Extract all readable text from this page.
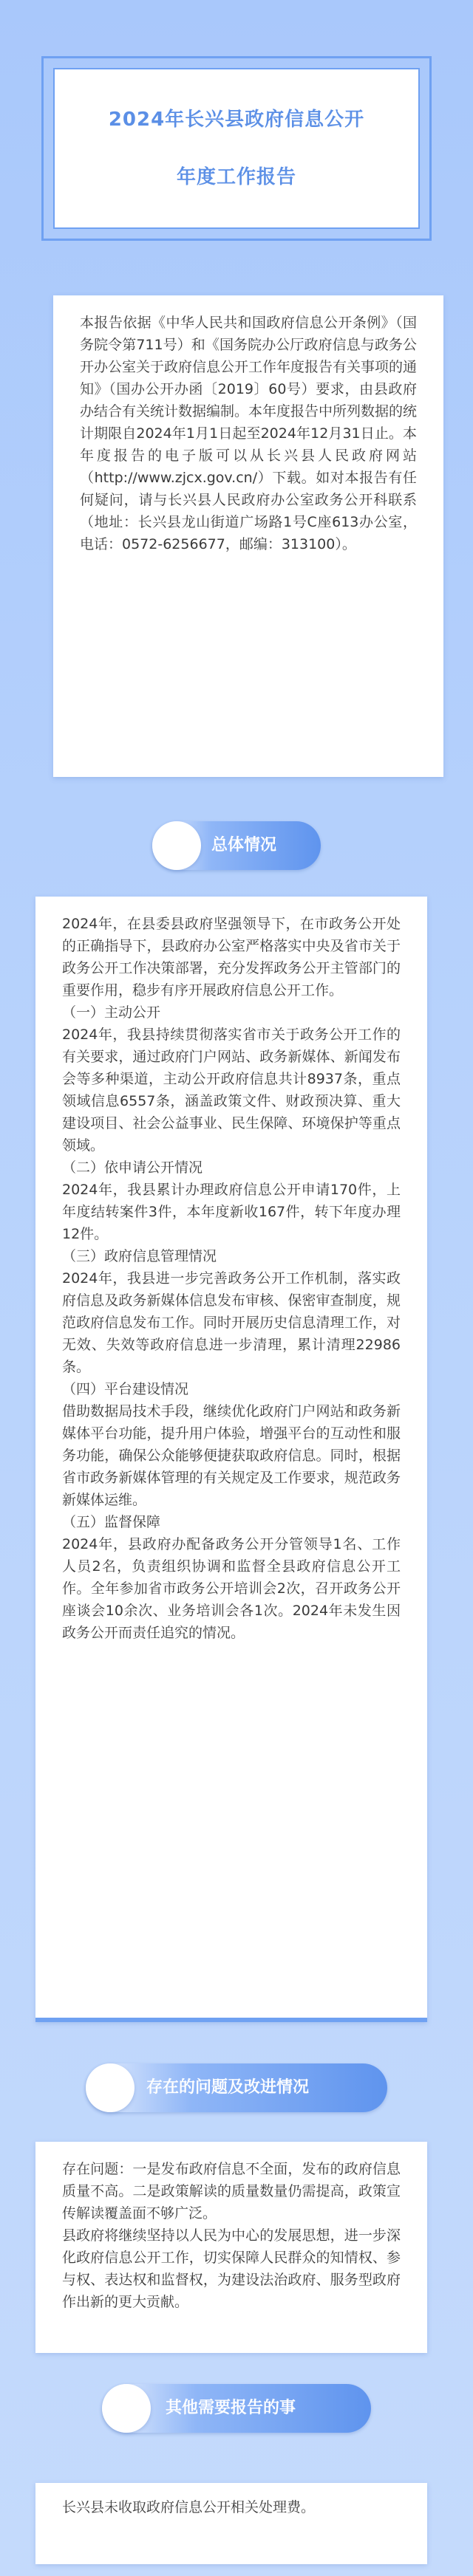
2024年长兴县政府信息公开
年度工作报告

本报告依据《中华人民共和国政府信息公开条例》（国务院令第711号）和《国务院办公厅政府信息与政务公开办公室关于政府信息公开工作年度报告有关事项的通知》（国办公开办函〔2019〕60号）要求，由县政府办结合有关统计数据编制。本年度报告中所列数据的统计期限自2024年1月1日起至2024年12月31日止。本年度报告的电子版可以从长兴县人民政府网站（http://www.zjcx.gov.cn/）下载。如对本报告有任何疑问，请与长兴县人民政府办公室政务公开科联系（地址：长兴县龙山街道广场路1号C座613办公室，电话：0572-6256677，邮编：313100）。

总体情况

2024年，在县委县政府坚强领导下，在市政务公开处的正确指导下，县政府办公室严格落实中央及省市关于政务公开工作决策部署，充分发挥政务公开主管部门的重要作用，稳步有序开展政府信息公开工作。

（一）主动公开

2024年，我县持续贯彻落实省市关于政务公开工作的有关要求，通过政府门户网站、政务新媒体、新闻发布会等多种渠道，主动公开政府信息共计8937条，重点领域信息6557条，涵盖政策文件、财政预决算、重大建设项目、社会公益事业、民生保障、环境保护等重点领域。

（二）依申请公开情况

2024年，我县累计办理政府信息公开申请170件，上年度结转案件3件，本年度新收167件，转下年度办理12件。

（三）政府信息管理情况

2024年，我县进一步完善政务公开工作机制，落实政府信息及政务新媒体信息发布审核、保密审查制度，规范政府信息发布工作。同时开展历史信息清理工作，对无效、失效等政府信息进一步清理，累计清理22986条。

（四）平台建设情况

借助数据局技术手段，继续优化政府门户网站和政务新媒体平台功能，提升用户体验，增强平台的互动性和服务功能，确保公众能够便捷获取政府信息。同时，根据省市政务新媒体管理的有关规定及工作要求，规范政务新媒体运维。

（五）监督保障

2024年，县政府办配备政务公开分管领导1名、工作人员2名，负责组织协调和监督全县政府信息公开工作。全年参加省市政务公开培训会2次，召开政务公开座谈会10余次、业务培训会各1次。2024年未发生因政务公开而责任追究的情况。

存在的问题及改进情况

存在问题：一是发布政府信息不全面，发布的政府信息质量不高。二是政策解读的质量数量仍需提高，政策宣传解读覆盖面不够广泛。

县政府将继续坚持以人民为中心的发展思想，进一步深化政府信息公开工作，切实保障人民群众的知情权、参与权、表达权和监督权，为建设法治政府、服务型政府作出新的更大贡献。

其他需要报告的事

长兴县未收取政府信息公开相关处理费。
